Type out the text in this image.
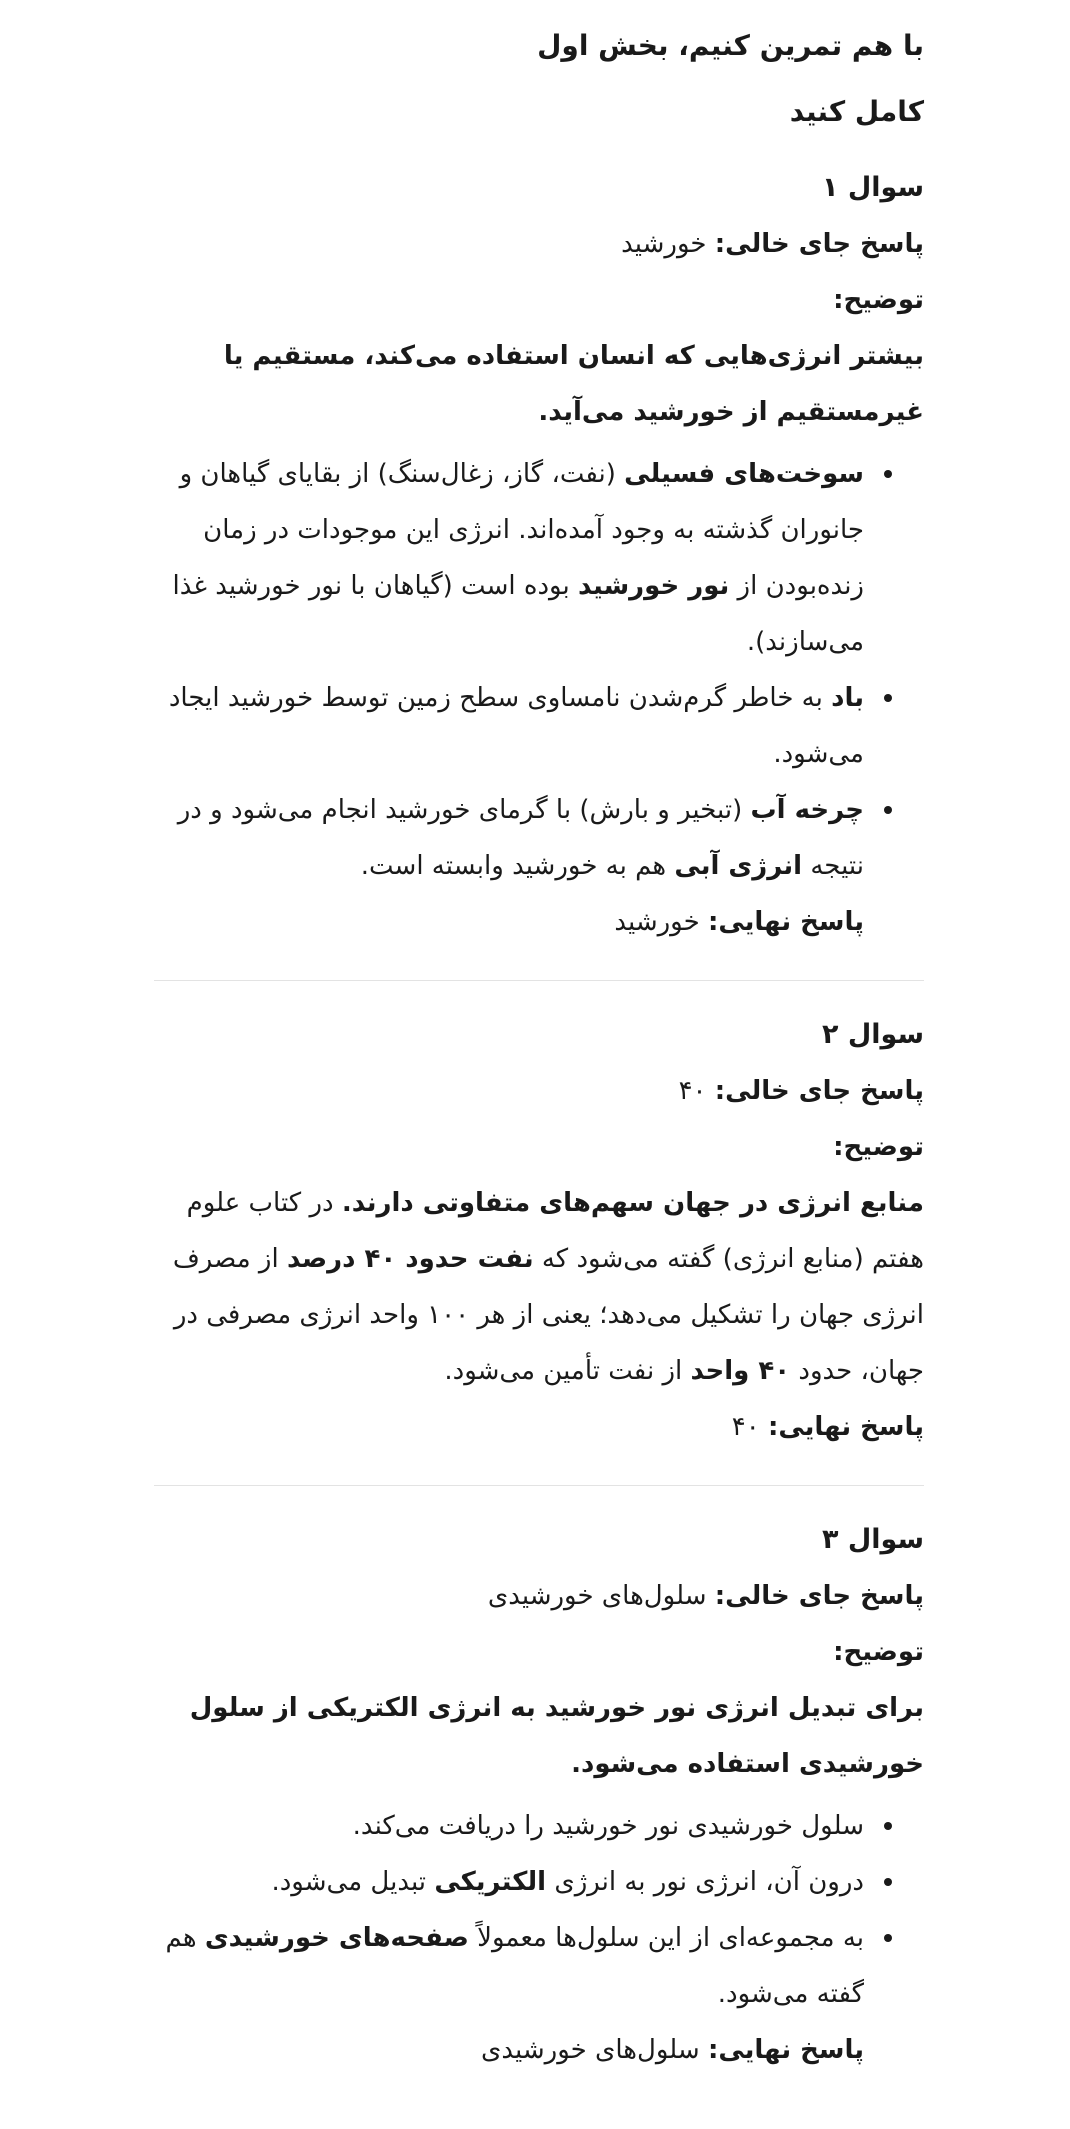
با هم تمرین کنیم، بخش اول
کامل کنید
سوال ۱

پاسخ جای خالی: خورشید

توضیح:

بیشتر انرژی‌هایی که انسان استفاده می‌کند، مستقیم یا غیرمستقیم از خورشید می‌آید.

سوخت‌های فسیلی (نفت، گاز، زغال‌سنگ) از بقایای گیاهان و جانوران گذشته به وجود آمده‌اند. انرژی این موجودات در زمان زنده‌بودن از نور خورشید بوده است (گیاهان با نور خورشید غذا می‌سازند).
باد به خاطر گرم‌شدن نامساوی سطح زمین توسط خورشید ایجاد می‌شود.
چرخه آب (تبخیر و بارش) با گرمای خورشید انجام می‌شود و در نتیجه انرژی آبی هم به خورشید وابسته است.

پاسخ نهایی: خورشید

سوال ۲

پاسخ جای خالی: ۴۰

توضیح:

منابع انرژی در جهان سهم‌های متفاوتی دارند. در کتاب علوم هفتم (منابع انرژی) گفته می‌شود که نفت حدود ۴۰ درصد از مصرف انرژی جهان را تشکیل می‌دهد؛ یعنی از هر ۱۰۰ واحد انرژی مصرفی در جهان، حدود ۴۰ واحد از نفت تأمین می‌شود.

پاسخ نهایی: ۴۰

سوال ۳

پاسخ جای خالی: سلول‌های خورشیدی

توضیح:

برای تبدیل انرژی نور خورشید به انرژی الکتریکی از سلول خورشیدی استفاده می‌شود.

سلول خورشیدی نور خورشید را دریافت می‌کند.
درون آن، انرژی نور به انرژی الکتریکی تبدیل می‌شود.
به مجموعه‌ای از این سلول‌ها معمولاً صفحه‌های خورشیدی هم گفته می‌شود.

پاسخ نهایی: سلول‌های خورشیدی
